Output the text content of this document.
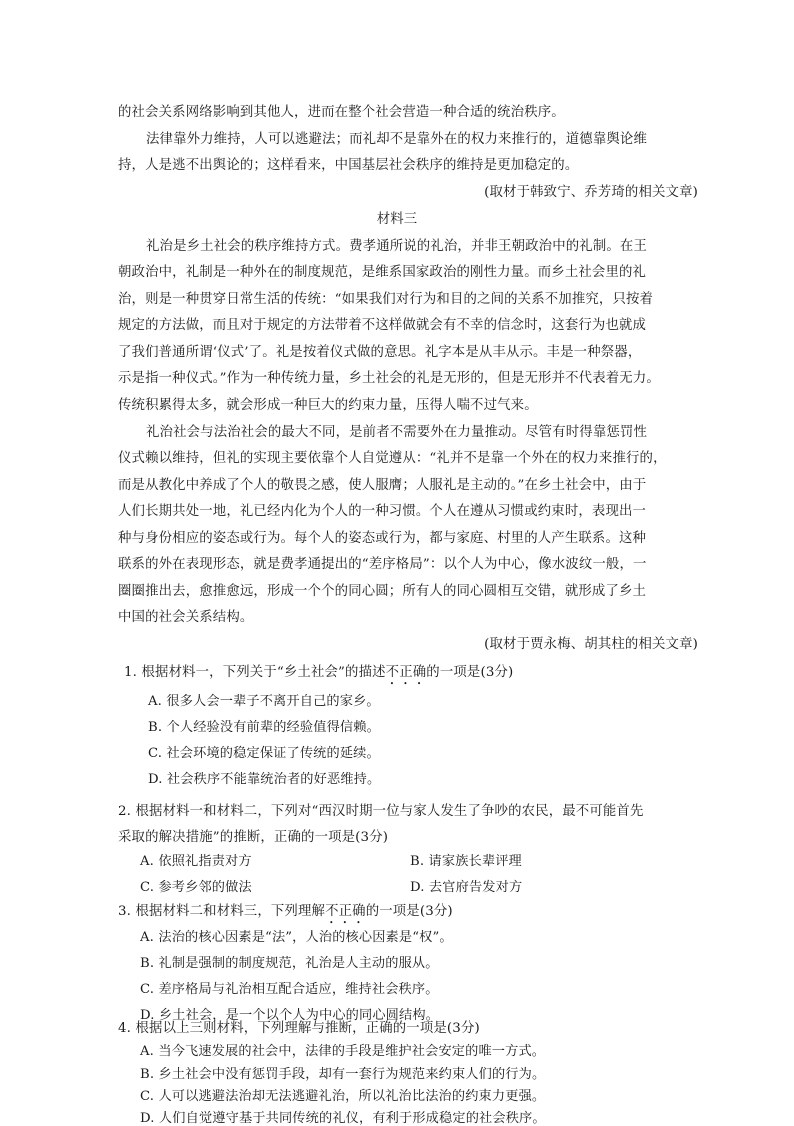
的社会关系网络影响到其他人，进而在整个社会营造一种合适的统治秩序。
法律靠外力维持，人可以逃避法；而礼却不是靠外在的权力来推行的，道德靠舆论维
持，人是逃不出舆论的；这样看来，中国基层社会秩序的维持是更加稳定的。
(取材于韩致宁、乔芳琦的相关文章)
材料三
礼治是乡土社会的秩序维持方式。费孝通所说的礼治，并非王朝政治中的礼制。在王
朝政治中，礼制是一种外在的制度规范，是维系国家政治的刚性力量。而乡土社会里的礼
治，则是一种贯穿日常生活的传统：“如果我们对行为和目的之间的关系不加推究，只按着
规定的方法做，而且对于规定的方法带着不这样做就会有不幸的信念时，这套行为也就成
了我们普通所谓‘仪式’了。礼是按着仪式做的意思。礼字本是从丰从示。丰是一种祭器，
示是指一种仪式。”作为一种传统力量，乡土社会的礼是无形的，但是无形并不代表着无力。
传统积累得太多，就会形成一种巨大的约束力量，压得人喘不过气来。
礼治社会与法治社会的最大不同，是前者不需要外在力量推动。尽管有时得靠惩罚性
仪式赖以维持，但礼的实现主要依靠个人自觉遵从：“礼并不是靠一个外在的权力来推行的，
而是从教化中养成了个人的敬畏之感，使人服膺；人服礼是主动的。”在乡土社会中，由于
人们长期共处一地，礼已经内化为个人的一种习惯。个人在遵从习惯或约束时，表现出一
种与身份相应的姿态或行为。每个人的姿态或行为，都与家庭、村里的人产生联系。这种
联系的外在表现形态，就是费孝通提出的“差序格局”：以个人为中心，像水波纹一般，一
圈圈推出去，愈推愈远，形成一个个的同心圆；所有人的同心圆相互交错，就形成了乡土
中国的社会关系结构。
(取材于贾永梅、胡其柱的相关文章)
1. 根据材料一，下列关于“乡土社会”的描述不正确的一项是(3分)
A. 很多人会一辈子不离开自己的家乡。
B. 个人经验没有前辈的经验值得信赖。
C. 社会环境的稳定保证了传统的延续。
D. 社会秩序不能靠统治者的好恶维持。
2. 根据材料一和材料二，下列对“西汉时期一位与家人发生了争吵的农民，最不可能首先
采取的解决措施”的推断，正确的一项是(3分)
A. 依照礼指责对方	B. 请家族长辈评理
C. 参考乡邻的做法	D. 去官府告发对方
3. 根据材料二和材料三，下列理解不正确的一项是(3分)
A. 法治的核心因素是“法”，人治的核心因素是“权”。
B. 礼制是强制的制度规范，礼治是人主动的服从。
C. 差序格局与礼治相互配合适应，维持社会秩序。
D. 乡土社会，是一个以个人为中心的同心圆结构。
4. 根据以上三则材料，下列理解与推断，正确的一项是(3分)
A. 当今飞速发展的社会中，法律的手段是维护社会安定的唯一方式。
B. 乡土社会中没有惩罚手段，却有一套行为规范来约束人们的行为。
C. 人可以逃避法治却无法逃避礼治，所以礼治比法治的约束力更强。
D. 人们自觉遵守基于共同传统的礼仪，有利于形成稳定的社会秩序。
